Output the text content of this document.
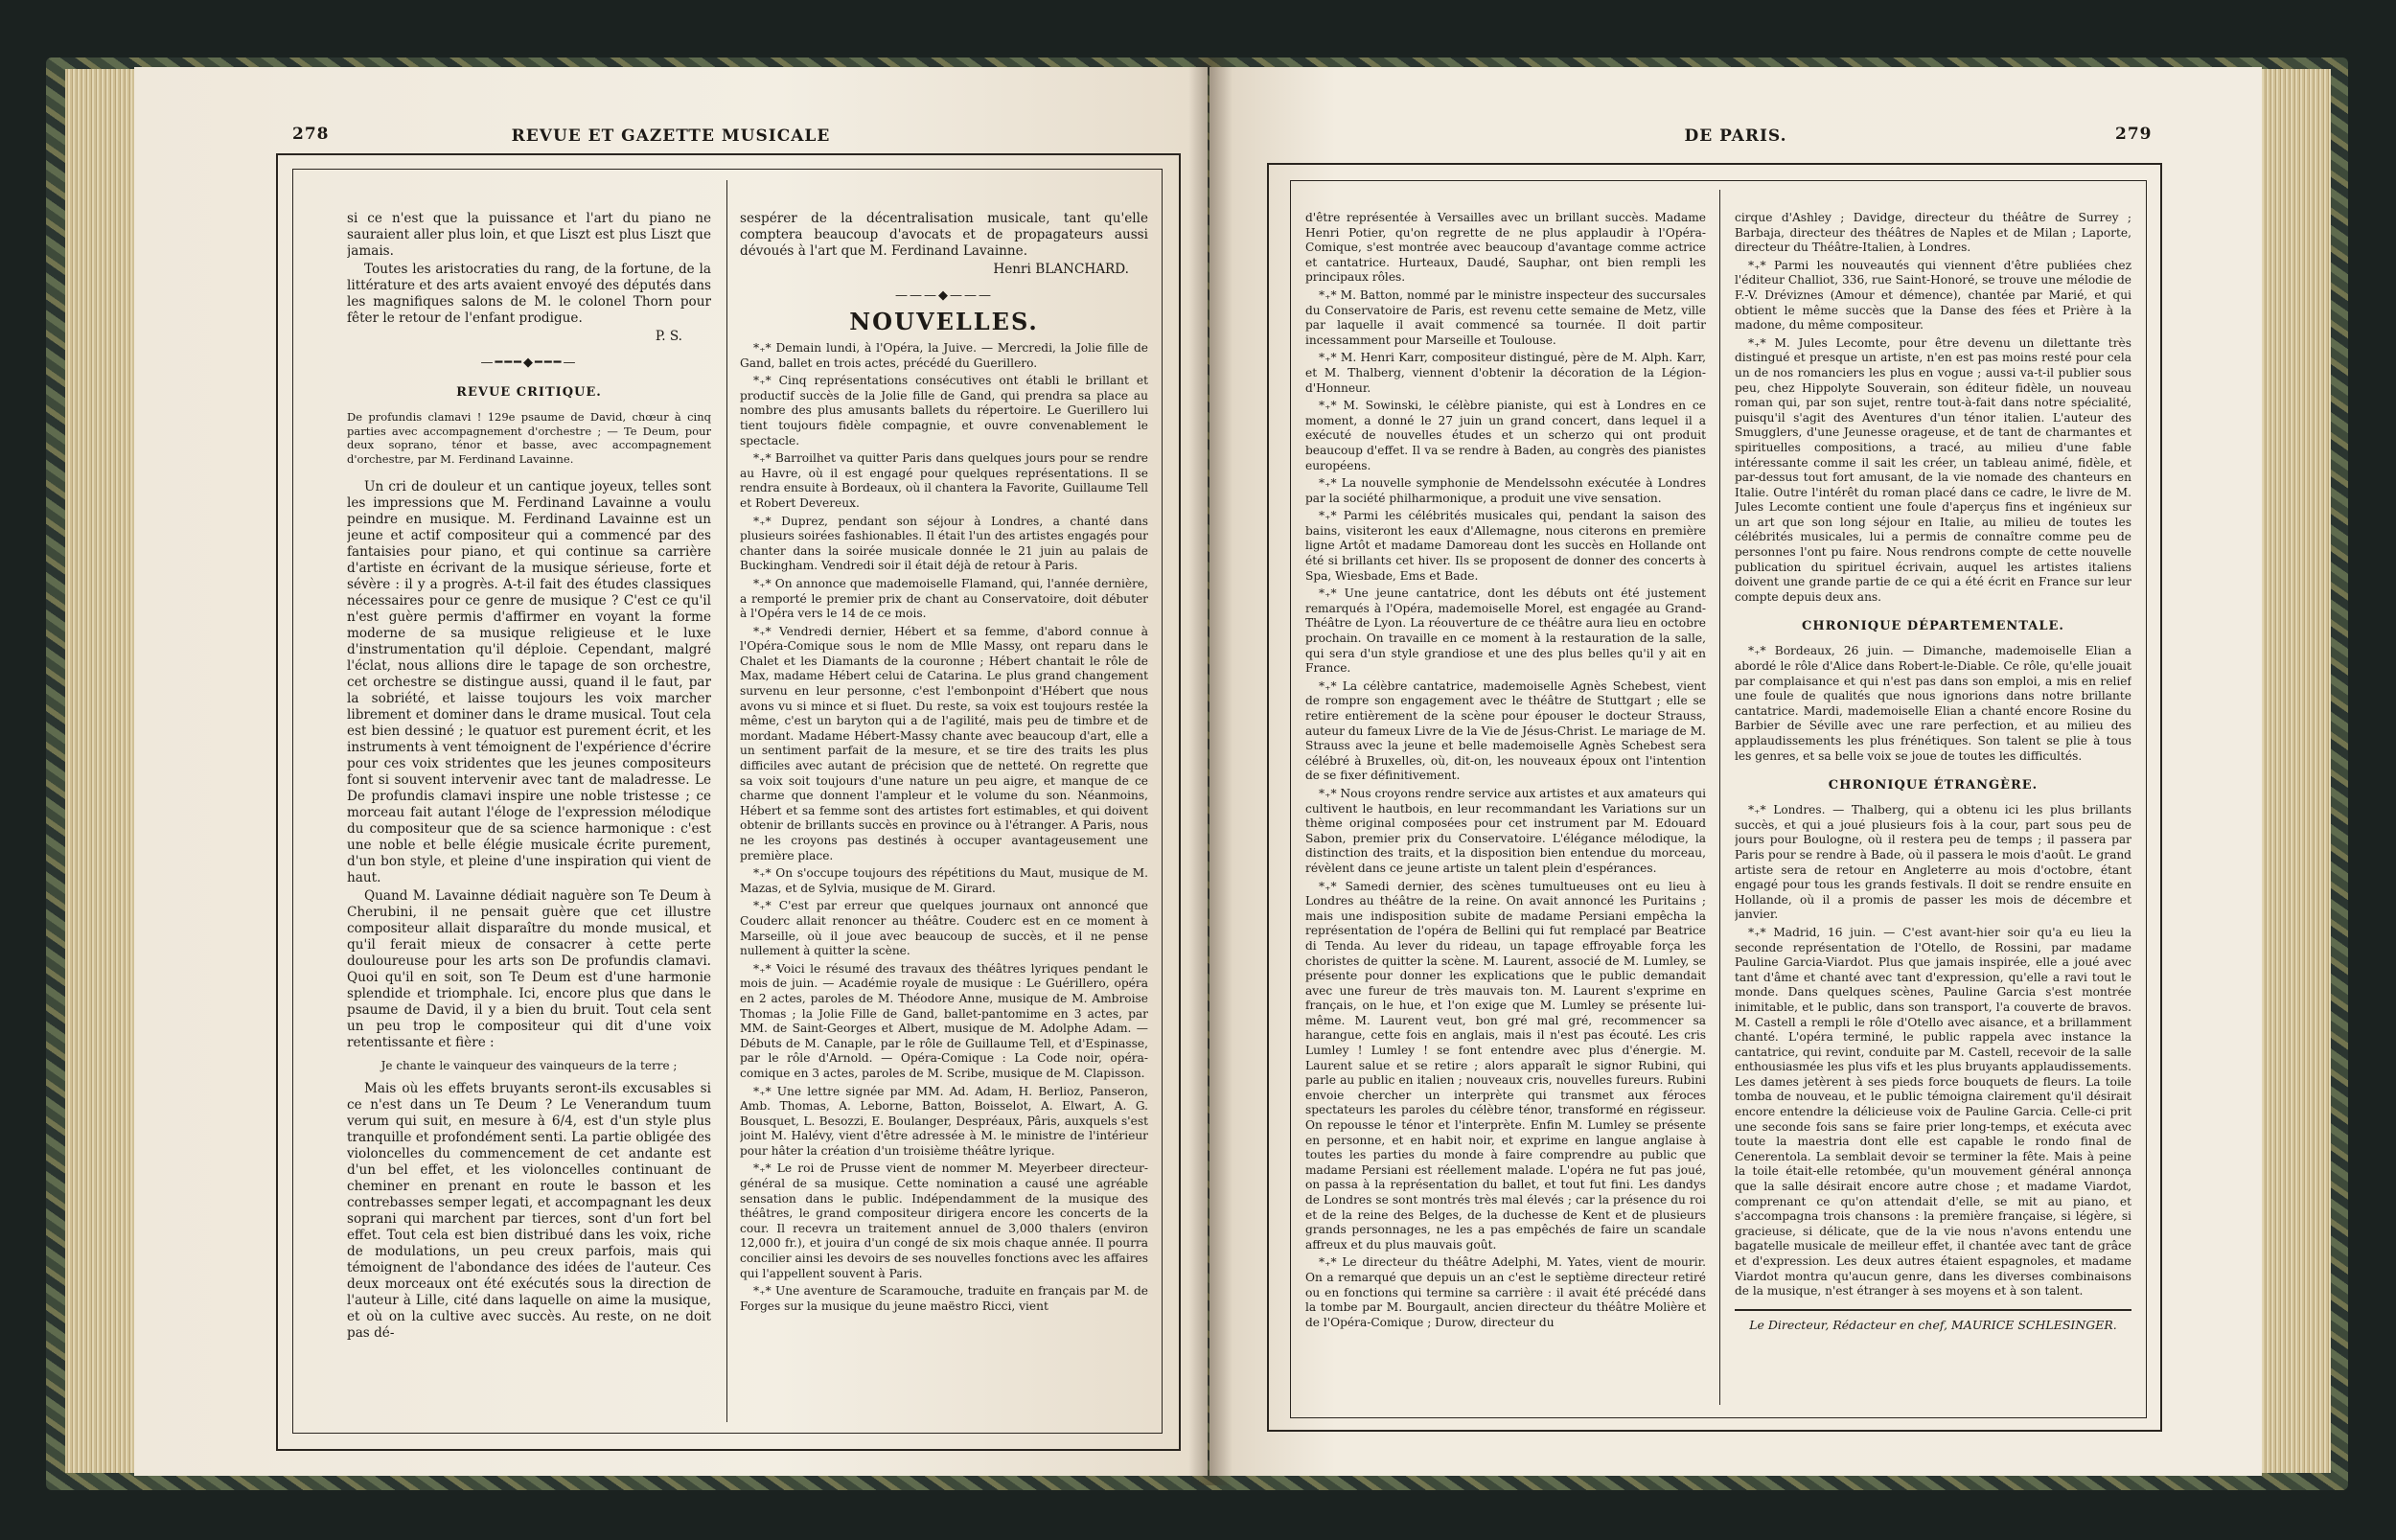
278	REVUE ET GAZETTE MUSICALE

si ce n'est que la puissance et l'art du piano ne sauraient aller plus loin, et que Liszt est plus Liszt que jamais.

Toutes les aristocraties du rang, de la fortune, de la littérature et des arts avaient envoyé des députés dans les magnifiques salons de M. le colonel Thorn pour fêter le retour de l'enfant prodigue.

P. S.

—━━━◆━━━—
REVUE CRITIQUE.

De profundis clamavi ! 129e psaume de David, chœur à cinq parties avec accompagnement d'orchestre ; — Te Deum, pour deux soprano, ténor et basse, avec accompagnement d'orchestre, par M. Ferdinand Lavainne.

Un cri de douleur et un cantique joyeux, telles sont les impressions que M. Ferdinand Lavainne a voulu peindre en musique. M. Ferdinand Lavainne est un jeune et actif compositeur qui a commencé par des fantaisies pour piano, et qui continue sa carrière d'artiste en écrivant de la musique sérieuse, forte et sévère : il y a progrès. A-t-il fait des études classiques nécessaires pour ce genre de musique ? C'est ce qu'il n'est guère permis d'affirmer en voyant la forme moderne de sa musique religieuse et le luxe d'instrumentation qu'il déploie. Cependant, malgré l'éclat, nous allions dire le tapage de son orchestre, cet orchestre se distingue aussi, quand il le faut, par la sobriété, et laisse toujours les voix marcher librement et dominer dans le drame musical. Tout cela est bien dessiné ; le quatuor est purement écrit, et les instruments à vent témoignent de l'expérience d'écrire pour ces voix stridentes que les jeunes compositeurs font si souvent intervenir avec tant de maladresse. Le De profundis clamavi inspire une noble tristesse ; ce morceau fait autant l'éloge de l'expression mélodique du compositeur que de sa science harmonique : c'est une noble et belle élégie musicale écrite purement, d'un bon style, et pleine d'une inspiration qui vient de haut.

Quand M. Lavainne dédiait naguère son Te Deum à Cherubini, il ne pensait guère que cet illustre compositeur allait disparaître du monde musical, et qu'il ferait mieux de consacrer à cette perte douloureuse pour les arts son De profundis clamavi. Quoi qu'il en soit, son Te Deum est d'une harmonie splendide et triomphale. Ici, encore plus que dans le psaume de David, il y a bien du bruit. Tout cela sent un peu trop le compositeur qui dit d'une voix retentissante et fière :

Je chante le vainqueur des vainqueurs de la terre ;

Mais où les effets bruyants seront-ils excusables si ce n'est dans un Te Deum ? Le Venerandum tuum verum qui suit, en mesure à 6/4, est d'un style plus tranquille et profondément senti. La partie obligée des violoncelles du commencement de cet andante est d'un bel effet, et les violoncelles continuant de cheminer en prenant en route le basson et les contrebasses semper legati, et accompagnant les deux soprani qui marchent par tierces, sont d'un fort bel effet. Tout cela est bien distribué dans les voix, riche de modulations, un peu creux parfois, mais qui témoignent de l'abondance des idées de l'auteur. Ces deux morceaux ont été exécutés sous la direction de l'auteur à Lille, cité dans laquelle on aime la musique, et où on la cultive avec succès. Au reste, on ne doit pas dé-

sespérer de la décentralisation musicale, tant qu'elle comptera beaucoup d'avocats et de propagateurs aussi dévoués à l'art que M. Ferdinand Lavainne.

Henri BLANCHARD.

———◆———
NOUVELLES.

*₊* Demain lundi, à l'Opéra, la Juive. — Mercredi, la Jolie fille de Gand, ballet en trois actes, précédé du Guerillero.

*₊* Cinq représentations consécutives ont établi le brillant et productif succès de la Jolie fille de Gand, qui prendra sa place au nombre des plus amusants ballets du répertoire. Le Guerillero lui tient toujours fidèle compagnie, et ouvre convenablement le spectacle.

*₊* Barroilhet va quitter Paris dans quelques jours pour se rendre au Havre, où il est engagé pour quelques représentations. Il se rendra ensuite à Bordeaux, où il chantera la Favorite, Guillaume Tell et Robert Devereux.

*₊* Duprez, pendant son séjour à Londres, a chanté dans plusieurs soirées fashionables. Il était l'un des artistes engagés pour chanter dans la soirée musicale donnée le 21 juin au palais de Buckingham. Vendredi soir il était déjà de retour à Paris.

*₊* On annonce que mademoiselle Flamand, qui, l'année dernière, a remporté le premier prix de chant au Conservatoire, doit débuter à l'Opéra vers le 14 de ce mois.

*₊* Vendredi dernier, Hébert et sa femme, d'abord connue à l'Opéra-Comique sous le nom de Mlle Massy, ont reparu dans le Chalet et les Diamants de la couronne ; Hébert chantait le rôle de Max, madame Hébert celui de Catarina. Le plus grand changement survenu en leur personne, c'est l'embonpoint d'Hébert que nous avons vu si mince et si fluet. Du reste, sa voix est toujours restée la même, c'est un baryton qui a de l'agilité, mais peu de timbre et de mordant. Madame Hébert-Massy chante avec beaucoup d'art, elle a un sentiment parfait de la mesure, et se tire des traits les plus difficiles avec autant de précision que de netteté. On regrette que sa voix soit toujours d'une nature un peu aigre, et manque de ce charme que donnent l'ampleur et le volume du son. Néanmoins, Hébert et sa femme sont des artistes fort estimables, et qui doivent obtenir de brillants succès en province ou à l'étranger. A Paris, nous ne les croyons pas destinés à occuper avantageusement une première place.

*₊* On s'occupe toujours des répétitions du Maut, musique de M. Mazas, et de Sylvia, musique de M. Girard.

*₊* C'est par erreur que quelques journaux ont annoncé que Couderc allait renoncer au théâtre. Couderc est en ce moment à Marseille, où il joue avec beaucoup de succès, et il ne pense nullement à quitter la scène.

*₊* Voici le résumé des travaux des théâtres lyriques pendant le mois de juin. — Académie royale de musique : Le Guérillero, opéra en 2 actes, paroles de M. Théodore Anne, musique de M. Ambroise Thomas ; la Jolie Fille de Gand, ballet-pantomime en 3 actes, par MM. de Saint-Georges et Albert, musique de M. Adolphe Adam. — Débuts de M. Canaple, par le rôle de Guillaume Tell, et d'Espinasse, par le rôle d'Arnold. — Opéra-Comique : La Code noir, opéra-comique en 3 actes, paroles de M. Scribe, musique de M. Clapisson.

*₊* Une lettre signée par MM. Ad. Adam, H. Berlioz, Panseron, Amb. Thomas, A. Leborne, Batton, Boisselot, A. Elwart, A. G. Bousquet, L. Besozzi, E. Boulanger, Despréaux, Pâris, auxquels s'est joint M. Halévy, vient d'être adressée à M. le ministre de l'intérieur pour hâter la création d'un troisième théâtre lyrique.

*₊* Le roi de Prusse vient de nommer M. Meyerbeer directeur-général de sa musique. Cette nomination a causé une agréable sensation dans le public. Indépendamment de la musique des théâtres, le grand compositeur dirigera encore les concerts de la cour. Il recevra un traitement annuel de 3,000 thalers (environ 12,000 fr.), et jouira d'un congé de six mois chaque année. Il pourra concilier ainsi les devoirs de ses nouvelles fonctions avec les affaires qui l'appellent souvent à Paris.

*₊* Une aventure de Scaramouche, traduite en français par M. de Forges sur la musique du jeune maëstro Ricci, vient

DE PARIS.	279

d'être représentée à Versailles avec un brillant succès. Madame Henri Potier, qu'on regrette de ne plus applaudir à l'Opéra-Comique, s'est montrée avec beaucoup d'avantage comme actrice et cantatrice. Hurteaux, Daudé, Sauphar, ont bien rempli les principaux rôles.

*₊* M. Batton, nommé par le ministre inspecteur des succursales du Conservatoire de Paris, est revenu cette semaine de Metz, ville par laquelle il avait commencé sa tournée. Il doit partir incessamment pour Marseille et Toulouse.

*₊* M. Henri Karr, compositeur distingué, père de M. Alph. Karr, et M. Thalberg, viennent d'obtenir la décoration de la Légion-d'Honneur.

*₊* M. Sowinski, le célèbre pianiste, qui est à Londres en ce moment, a donné le 27 juin un grand concert, dans lequel il a exécuté de nouvelles études et un scherzo qui ont produit beaucoup d'effet. Il va se rendre à Baden, au congrès des pianistes européens.

*₊* La nouvelle symphonie de Mendelssohn exécutée à Londres par la société philharmonique, a produit une vive sensation.

*₊* Parmi les célébrités musicales qui, pendant la saison des bains, visiteront les eaux d'Allemagne, nous citerons en première ligne Artôt et madame Damoreau dont les succès en Hollande ont été si brillants cet hiver. Ils se proposent de donner des concerts à Spa, Wiesbade, Ems et Bade.

*₊* Une jeune cantatrice, dont les débuts ont été justement remarqués à l'Opéra, mademoiselle Morel, est engagée au Grand-Théâtre de Lyon. La réouverture de ce théâtre aura lieu en octobre prochain. On travaille en ce moment à la restauration de la salle, qui sera d'un style grandiose et une des plus belles qu'il y ait en France.

*₊* La célèbre cantatrice, mademoiselle Agnès Schebest, vient de rompre son engagement avec le théâtre de Stuttgart ; elle se retire entièrement de la scène pour épouser le docteur Strauss, auteur du fameux Livre de la Vie de Jésus-Christ. Le mariage de M. Strauss avec la jeune et belle mademoiselle Agnès Schebest sera célébré à Bruxelles, où, dit-on, les nouveaux époux ont l'intention de se fixer définitivement.

*₊* Nous croyons rendre service aux artistes et aux amateurs qui cultivent le hautbois, en leur recommandant les Variations sur un thème original composées pour cet instrument par M. Edouard Sabon, premier prix du Conservatoire. L'élégance mélodique, la distinction des traits, et la disposition bien entendue du morceau, révèlent dans ce jeune artiste un talent plein d'espérances.

*₊* Samedi dernier, des scènes tumultueuses ont eu lieu à Londres au théâtre de la reine. On avait annoncé les Puritains ; mais une indisposition subite de madame Persiani empêcha la représentation de l'opéra de Bellini qui fut remplacé par Beatrice di Tenda. Au lever du rideau, un tapage effroyable força les choristes de quitter la scène. M. Laurent, associé de M. Lumley, se présente pour donner les explications que le public demandait avec une fureur de très mauvais ton. M. Laurent s'exprime en français, on le hue, et l'on exige que M. Lumley se présente lui-même. M. Laurent veut, bon gré mal gré, recommencer sa harangue, cette fois en anglais, mais il n'est pas écouté. Les cris Lumley ! Lumley ! se font entendre avec plus d'énergie. M. Laurent salue et se retire ; alors apparaît le signor Rubini, qui parle au public en italien ; nouveaux cris, nouvelles fureurs. Rubini envoie chercher un interprète qui transmet aux féroces spectateurs les paroles du célèbre ténor, transformé en régisseur. On repousse le ténor et l'interprète. Enfin M. Lumley se présente en personne, et en habit noir, et exprime en langue anglaise à toutes les parties du monde à faire comprendre au public que madame Persiani est réellement malade. L'opéra ne fut pas joué, on passa à la représentation du ballet, et tout fut fini. Les dandys de Londres se sont montrés très mal élevés ; car la présence du roi et de la reine des Belges, de la duchesse de Kent et de plusieurs grands personnages, ne les a pas empêchés de faire un scandale affreux et du plus mauvais goût.

*₊* Le directeur du théâtre Adelphi, M. Yates, vient de mourir. On a remarqué que depuis un an c'est le septième directeur retiré ou en fonctions qui termine sa carrière : il avait été précédé dans la tombe par M. Bourgault, ancien directeur du théâtre Molière et de l'Opéra-Comique ; Durow, directeur du

cirque d'Ashley ; Davidge, directeur du théâtre de Surrey ; Barbaja, directeur des théâtres de Naples et de Milan ; Laporte, directeur du Théâtre-Italien, à Londres.

*₊* Parmi les nouveautés qui viennent d'être publiées chez l'éditeur Challiot, 336, rue Saint-Honoré, se trouve une mélodie de F.-V. Dréviznes (Amour et démence), chantée par Marié, et qui obtient le même succès que la Danse des fées et Prière à la madone, du même compositeur.

*₊* M. Jules Lecomte, pour être devenu un dilettante très distingué et presque un artiste, n'en est pas moins resté pour cela un de nos romanciers les plus en vogue ; aussi va-t-il publier sous peu, chez Hippolyte Souverain, son éditeur fidèle, un nouveau roman qui, par son sujet, rentre tout-à-fait dans notre spécialité, puisqu'il s'agit des Aventures d'un ténor italien. L'auteur des Smugglers, d'une Jeunesse orageuse, et de tant de charmantes et spirituelles compositions, a tracé, au milieu d'une fable intéressante comme il sait les créer, un tableau animé, fidèle, et par-dessus tout fort amusant, de la vie nomade des chanteurs en Italie. Outre l'intérêt du roman placé dans ce cadre, le livre de M. Jules Lecomte contient une foule d'aperçus fins et ingénieux sur un art que son long séjour en Italie, au milieu de toutes les célébrités musicales, lui a permis de connaître comme peu de personnes l'ont pu faire. Nous rendrons compte de cette nouvelle publication du spirituel écrivain, auquel les artistes italiens doivent une grande partie de ce qui a été écrit en France sur leur compte depuis deux ans.

CHRONIQUE DÉPARTEMENTALE.

*₊* Bordeaux, 26 juin. — Dimanche, mademoiselle Elian a abordé le rôle d'Alice dans Robert-le-Diable. Ce rôle, qu'elle jouait par complaisance et qui n'est pas dans son emploi, a mis en relief une foule de qualités que nous ignorions dans notre brillante cantatrice. Mardi, mademoiselle Elian a chanté encore Rosine du Barbier de Séville avec une rare perfection, et au milieu des applaudissements les plus frénétiques. Son talent se plie à tous les genres, et sa belle voix se joue de toutes les difficultés.

CHRONIQUE ÉTRANGÈRE.

*₊* Londres. — Thalberg, qui a obtenu ici les plus brillants succès, et qui a joué plusieurs fois à la cour, part sous peu de jours pour Boulogne, où il restera peu de temps ; il passera par Paris pour se rendre à Bade, où il passera le mois d'août. Le grand artiste sera de retour en Angleterre au mois d'octobre, étant engagé pour tous les grands festivals. Il doit se rendre ensuite en Hollande, où il a promis de passer les mois de décembre et janvier.

*₊* Madrid, 16 juin. — C'est avant-hier soir qu'a eu lieu la seconde représentation de l'Otello, de Rossini, par madame Pauline Garcia-Viardot. Plus que jamais inspirée, elle a joué avec tant d'âme et chanté avec tant d'expression, qu'elle a ravi tout le monde. Dans quelques scènes, Pauline Garcia s'est montrée inimitable, et le public, dans son transport, l'a couverte de bravos. M. Castell a rempli le rôle d'Otello avec aisance, et a brillamment chanté. L'opéra terminé, le public rappela avec instance la cantatrice, qui revint, conduite par M. Castell, recevoir de la salle enthousiasmée les plus vifs et les plus bruyants applaudissements. Les dames jetèrent à ses pieds force bouquets de fleurs. La toile tomba de nouveau, et le public témoigna clairement qu'il désirait encore entendre la délicieuse voix de Pauline Garcia. Celle-ci prit une seconde fois sans se faire prier long-temps, et exécuta avec toute la maestria dont elle est capable le rondo final de Cenerentola. La semblait devoir se terminer la fête. Mais à peine la toile était-elle retombée, qu'un mouvement général annonça que la salle désirait encore autre chose ; et madame Viardot, comprenant ce qu'on attendait d'elle, se mit au piano, et s'accompagna trois chansons : la première française, si légère, si gracieuse, si délicate, que de la vie nous n'avons entendu une bagatelle musicale de meilleur effet, il chantée avec tant de grâce et d'expression. Les deux autres étaient espagnoles, et madame Viardot montra qu'aucun genre, dans les diverses combinaisons de la musique, n'est étranger à ses moyens et à son talent.

Le Directeur, Rédacteur en chef, MAURICE SCHLESINGER.
